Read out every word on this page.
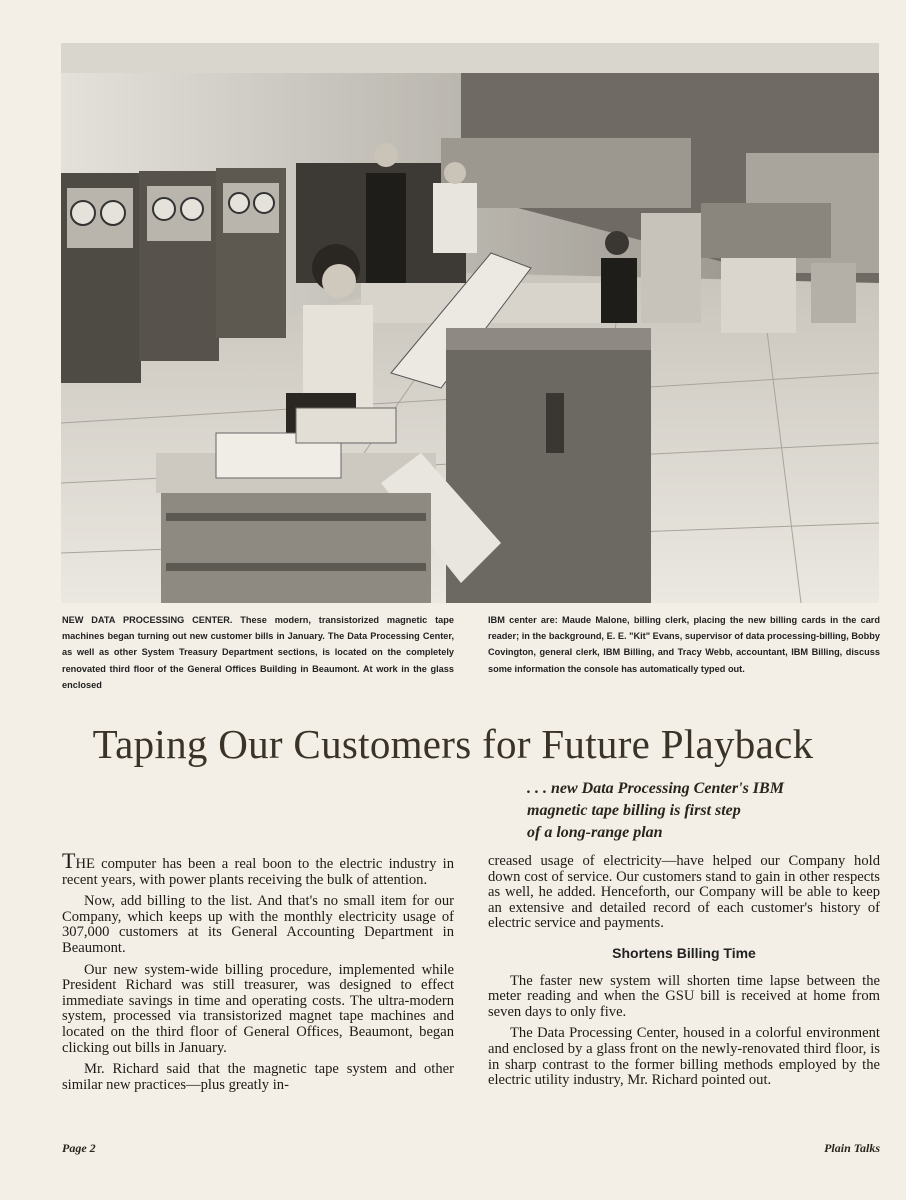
NEW DATA PROCESSING CENTER. These modern, transistorized magnetic tape machines began turning out new customer bills in January. The Data Processing Center, as well as other System Treasury Department sections, is located on the completely renovated third floor of the General Offices Building in Beaumont. At work in the glass enclosed

IBM center are: Maude Malone, billing clerk, placing the new billing cards in the card reader; in the background, E. E. "Kit" Evans, supervisor of data processing-billing, Bobby Covington, general clerk, IBM Billing, and Tracy Webb, accountant, IBM Billing, discuss some information the console has automatically typed out.

Taping Our Customers for Future Playback
. . . new Data Processing Center's IBM
magnetic tape billing is first step
of a long-range plan

THE computer has been a real boon to the electric industry in recent years, with power plants receiving the bulk of attention.

Now, add billing to the list. And that's no small item for our Company, which keeps up with the monthly electricity usage of 307,000 customers at its General Accounting Department in Beaumont.

Our new system-wide billing procedure, implemented while President Richard was still treasurer, was designed to effect immediate savings in time and operating costs. The ultra-modern system, processed via transistorized magnet tape machines and located on the third floor of General Offices, Beaumont, began clicking out bills in January.

Mr. Richard said that the magnetic tape system and other similar new practices—plus greatly in-

creased usage of electricity—have helped our Company hold down cost of service. Our customers stand to gain in other respects as well, he added. Henceforth, our Company will be able to keep an extensive and detailed record of each customer's history of electric service and payments.

Shortens Billing Time

The faster new system will shorten time lapse between the meter reading and when the GSU bill is received at home from seven days to only five.

The Data Processing Center, housed in a colorful environment and enclosed by a glass front on the newly-renovated third floor, is in sharp contrast to the former billing methods employed by the electric utility industry, Mr. Richard pointed out.

Page 2	Plain Talks
